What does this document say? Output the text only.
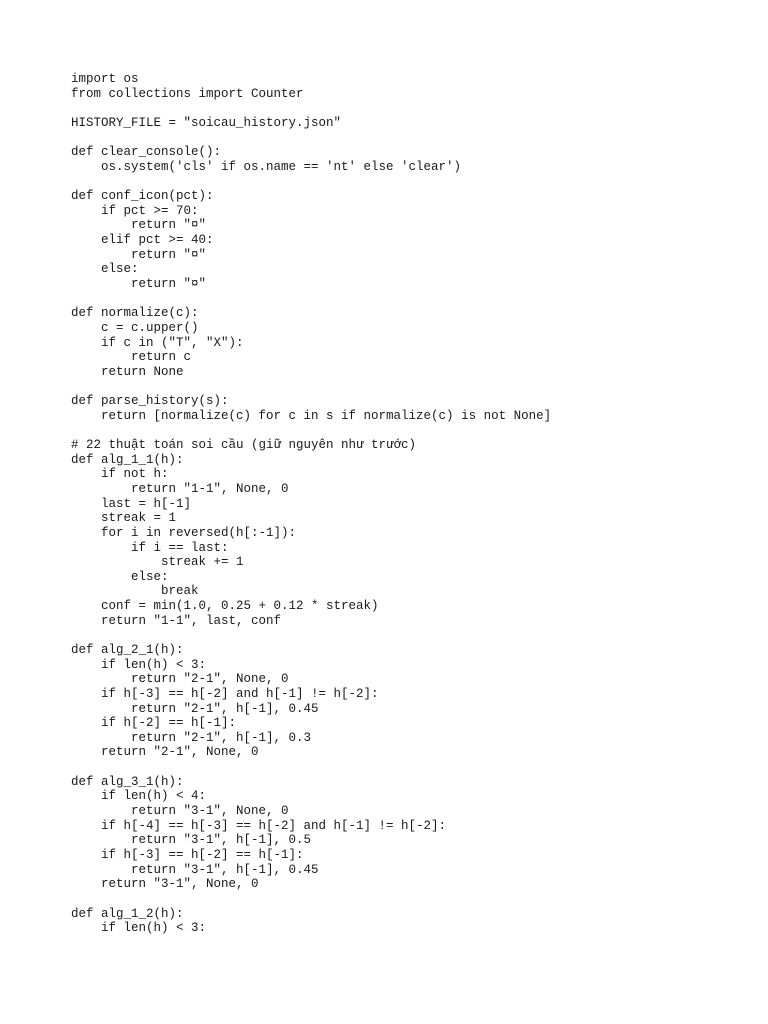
import os
from collections import Counter
HISTORY_FILE = "soicau_history.json"
def clear_console():
os.system('cls' if os.name == 'nt' else 'clear')
def conf_icon(pct):
if pct >= 70:
return "¤"
elif pct >= 40:
return "¤"
else:
return "¤"
def normalize(c):
c = c.upper()
if c in ("T", "X"):
return c
return None
def parse_history(s):
return [normalize(c) for c in s if normalize(c) is not None]
# 22 thuật toán soi cầu (giữ nguyên như trước)
def alg_1_1(h):
if not h:
return "1-1", None, 0
last = h[-1]
streak = 1
for i in reversed(h[:-1]):
if i == last:
streak += 1
else:
break
conf = min(1.0, 0.25 + 0.12 * streak)
return "1-1", last, conf
def alg_2_1(h):
if len(h) < 3:
return "2-1", None, 0
if h[-3] == h[-2] and h[-1] != h[-2]:
return "2-1", h[-1], 0.45
if h[-2] == h[-1]:
return "2-1", h[-1], 0.3
return "2-1", None, 0
def alg_3_1(h):
if len(h) < 4:
return "3-1", None, 0
if h[-4] == h[-3] == h[-2] and h[-1] != h[-2]:
return "3-1", h[-1], 0.5
if h[-3] == h[-2] == h[-1]:
return "3-1", h[-1], 0.45
return "3-1", None, 0
def alg_1_2(h):
if len(h) < 3:
